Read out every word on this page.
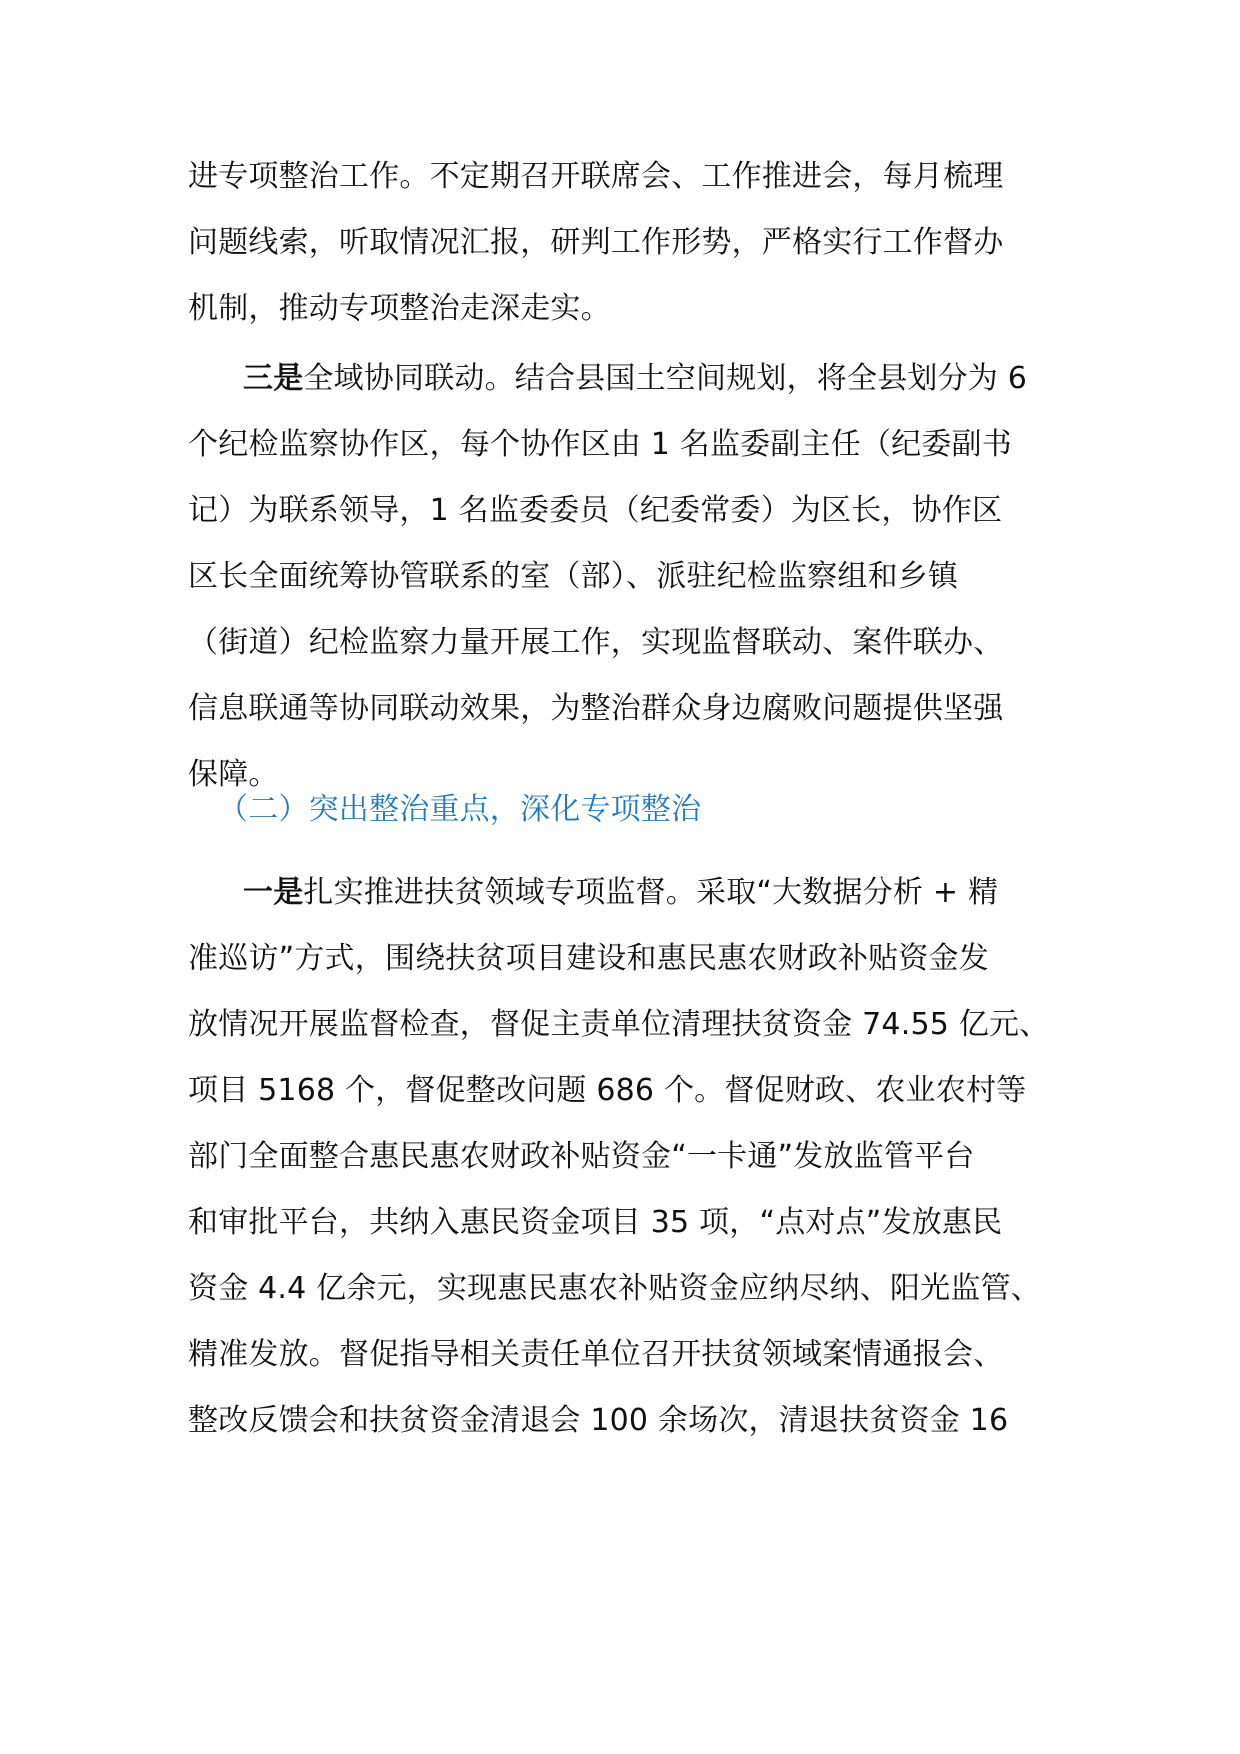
进专项整治工作。不定期召开联席会、工作推进会，每月梳理
问题线索，听取情况汇报，研判工作形势，严格实行工作督办
机制，推动专项整治走深走实。
三是全域协同联动。结合县国土空间规划，将全县划分为 6
个纪检监察协作区，每个协作区由 1 名监委副主任（纪委副书
记）为联系领导，1 名监委委员（纪委常委）为区长，协作区
区长全面统筹协管联系的室（部）、派驻纪检监察组和乡镇
（街道）纪检监察力量开展工作，实现监督联动、案件联办、
信息联通等协同联动效果，为整治群众身边腐败问题提供坚强
保障。
（二）突出整治重点，深化专项整治
一是扎实推进扶贫领域专项监督。采取“大数据分析 + 精
准巡访”方式，围绕扶贫项目建设和惠民惠农财政补贴资金发
放情况开展监督检查，督促主责单位清理扶贫资金 74.55 亿元、
项目 5168 个，督促整改问题 686 个。督促财政、农业农村等
部门全面整合惠民惠农财政补贴资金“一卡通”发放监管平台
和审批平台，共纳入惠民资金项目 35 项，“点对点”发放惠民
资金 4.4 亿余元，实现惠民惠农补贴资金应纳尽纳、阳光监管、
精准发放。督促指导相关责任单位召开扶贫领域案情通报会、
整改反馈会和扶贫资金清退会 100 余场次，清退扶贫资金 16
